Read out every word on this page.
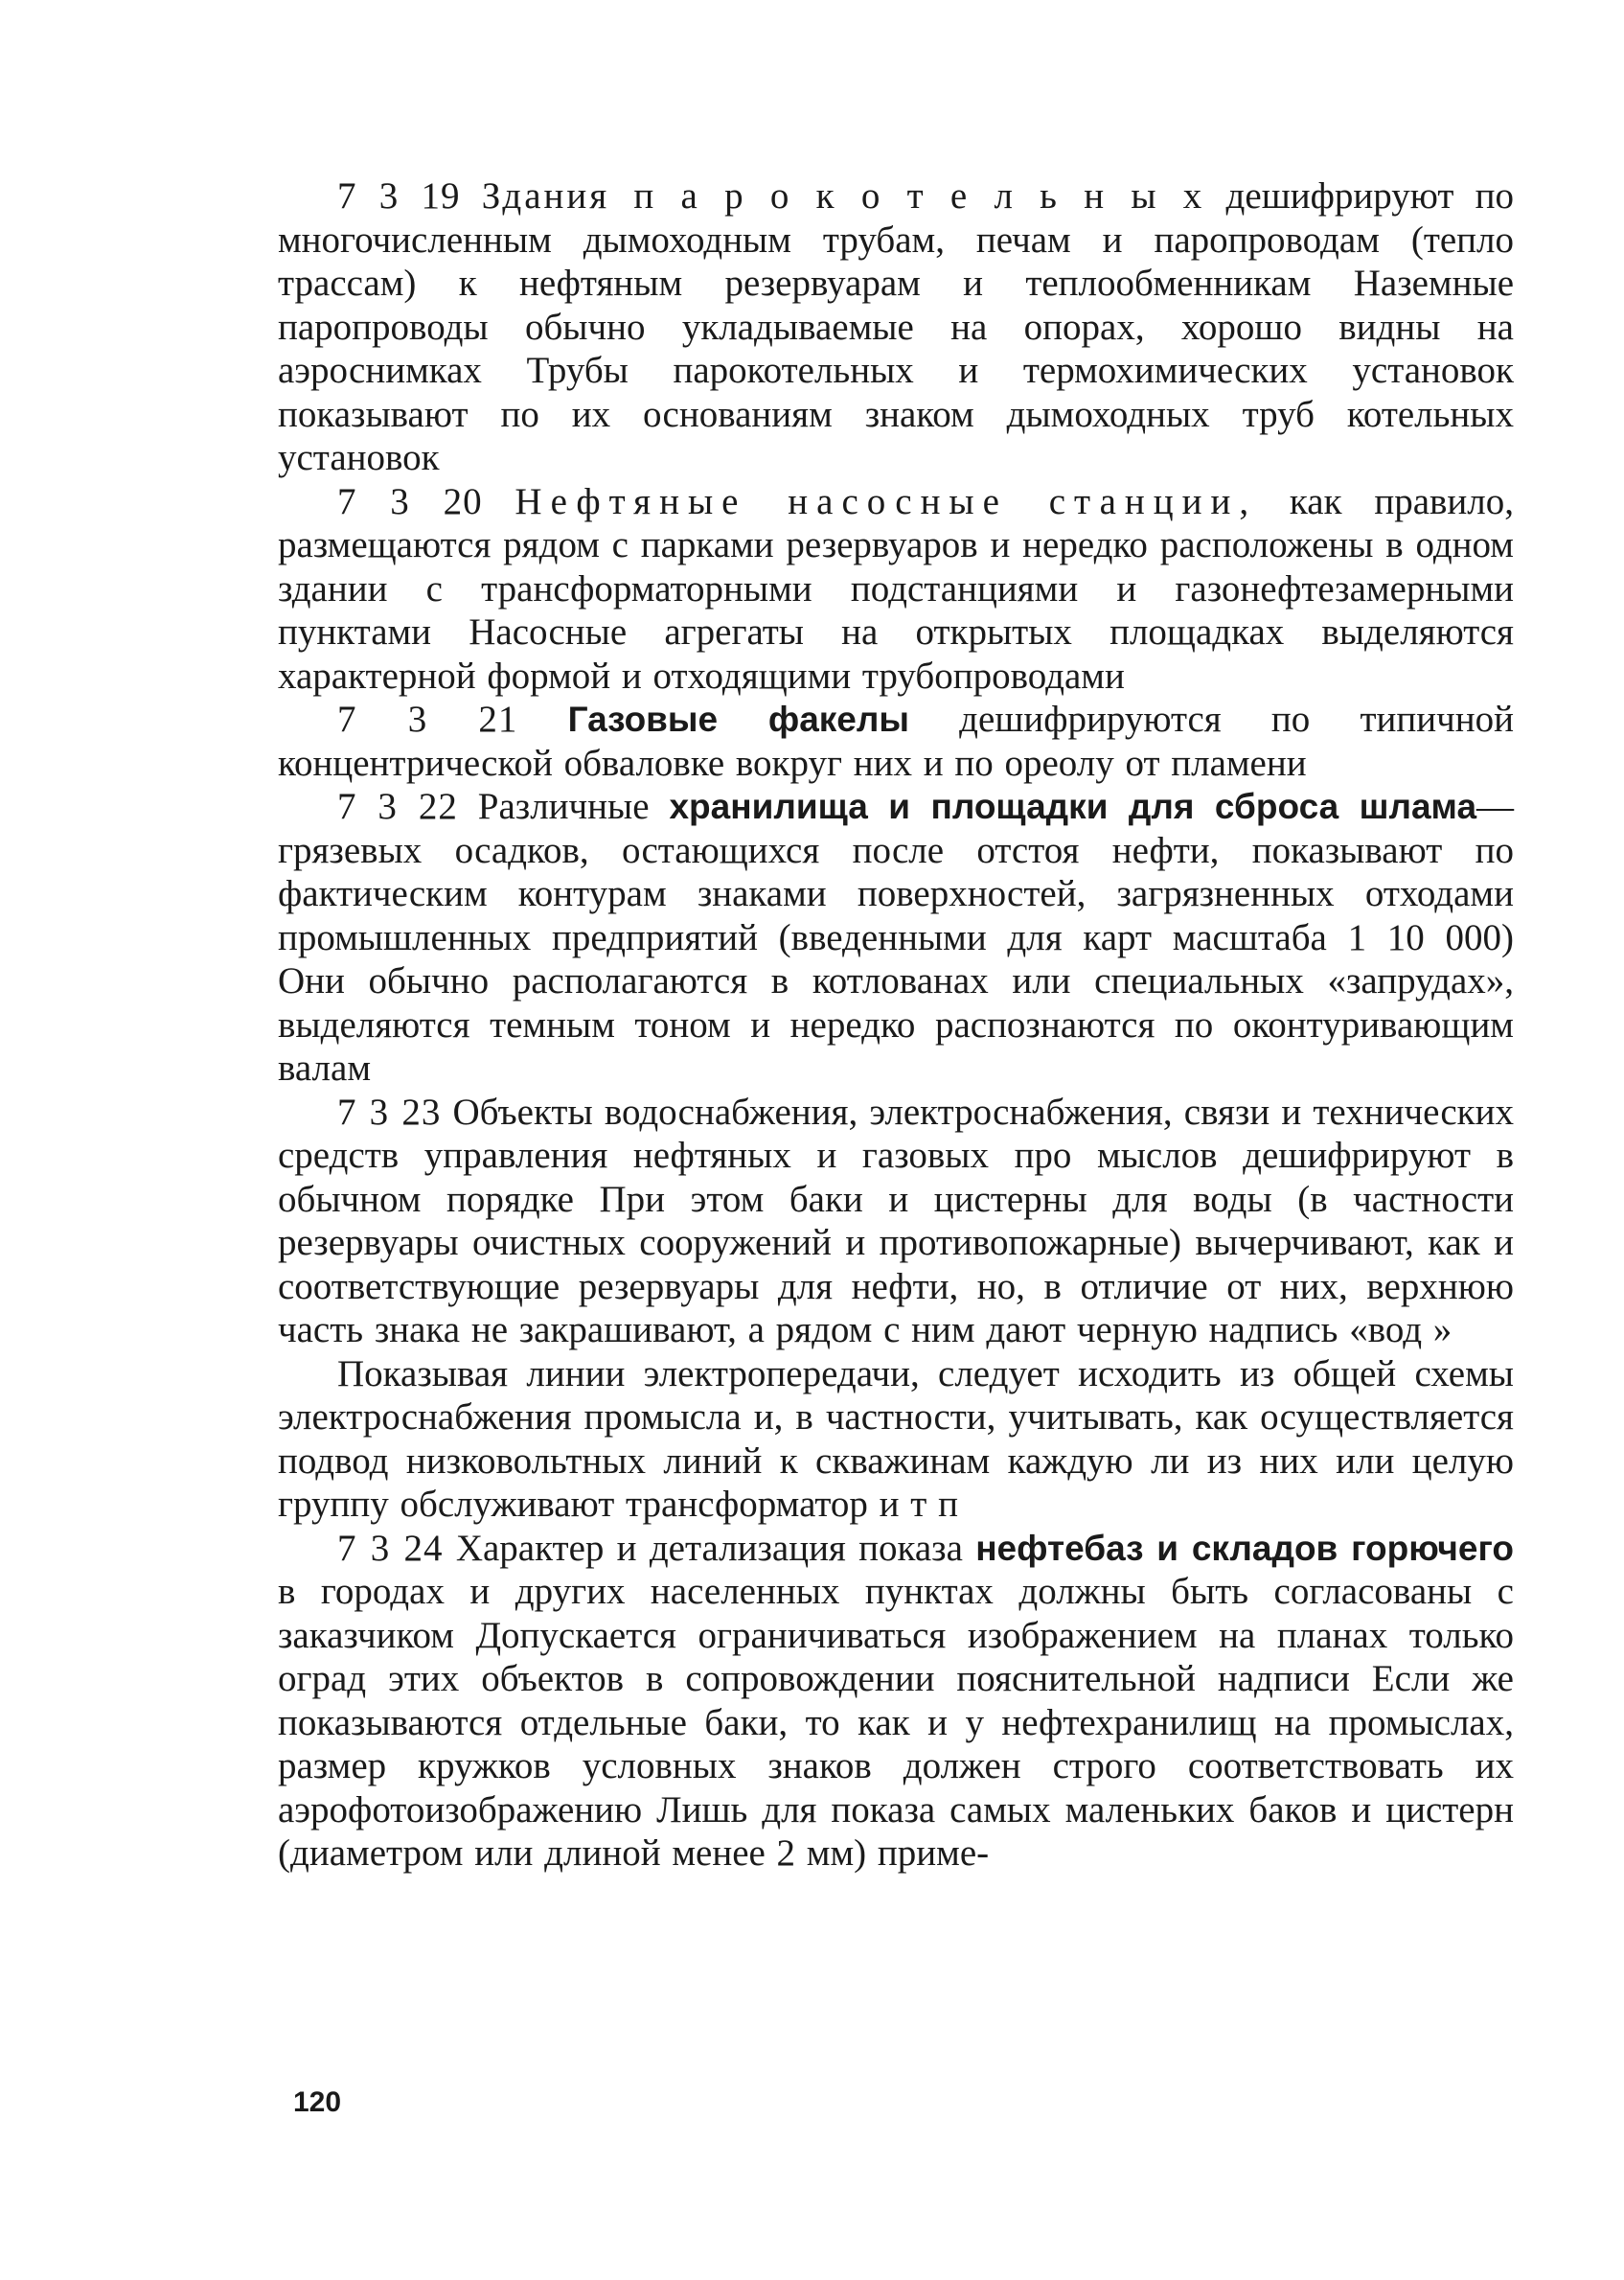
7 3 19 Здания п а р о к о т е л ь н ы х дешифрируют по многочисленным дымоходным трубам, печам и паропроводам (тепло трассам) к нефтяным резервуарам и теплообменникам Наземные паропроводы обычно укладываемые на опорах, хорошо видны на аэроснимках Трубы парокотельных и термохимических установок показывают по их основаниям знаком дымоходных труб котельных установок

7 3 20 Нефтяные насосные станции, как правило, размещаются рядом с парками резервуаров и нередко расположены в одном здании с трансформаторными подстанциями и газонефтезамерными пунктами Насосные агрегаты на открытых площадках выделяются характерной формой и отходящими трубопроводами

7 3 21 Газовые факелы дешифрируются по типичной концентрической обваловке вокруг них и по ореолу от пламени

7 3 22 Различные хранилища и площадки для сброса шлама— грязевых осадков, остающихся после отстоя нефти, показывают по фактическим контурам знаками поверхностей, загрязненных отходами промышленных предприятий (введенными для карт масштаба 1 10 000) Они обычно располагаются в котлованах или специальных «запрудах», выделяются темным тоном и нередко распознаются по оконтуривающим валам

7 3 23 Объекты водоснабжения, электроснабжения, связи и технических средств управления нефтяных и газовых про мыслов дешифрируют в обычном порядке При этом баки и цистерны для воды (в частности резервуары очистных сооружений и противопожарные) вычерчивают, как и соответствующие резервуары для нефти, но, в отличие от них, верхнюю часть знака не закрашивают, а рядом с ним дают черную надпись «вод »

Показывая линии электропередачи, следует исходить из общей схемы электроснабжения промысла и, в частности, учитывать, как осуществляется подвод низковольтных линий к скважинам каждую ли из них или целую группу обслуживают трансформатор и т п

7 3 24 Характер и детализация показа нефтебаз и складов горючего в городах и других населенных пунктах должны быть согласованы с заказчиком Допускается ограничиваться изображением на планах только оград этих объектов в сопровождении пояснительной надписи Если же показываются отдельные баки, то как и у нефтехранилищ на промыслах, размер кружков условных знаков должен строго соответствовать их аэрофотоизображению Лишь для показа самых маленьких баков и цистерн (диаметром или длиной менее 2 мм) приме-

120
